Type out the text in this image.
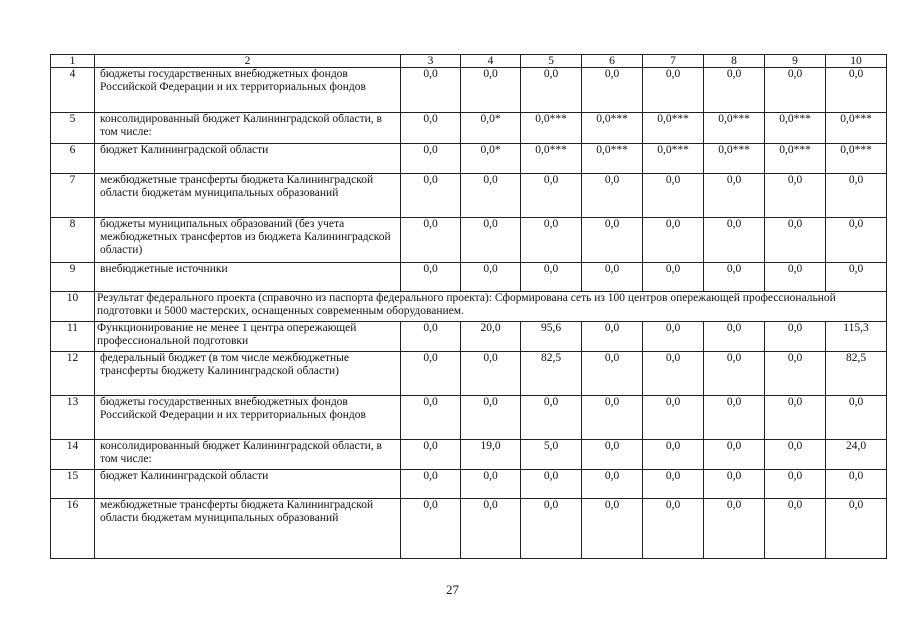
1	2	3	4	5	6	7	8	9	10
4	бюджеты государственных внебюджетных фондов Российской Федерации и их территориальных фондов	0,0	0,0	0,0	0,0	0,0	0,0	0,0	0,0
5	консолидированный бюджет Калининградской области, в том числе:	0,0	0,0*	0,0***	0,0***	0,0***	0,0***	0,0***	0,0***
6	бюджет Калининградской области	0,0	0,0*	0,0***	0,0***	0,0***	0,0***	0,0***	0,0***
7	межбюджетные трансферты бюджета Калининградской области бюджетам муниципальных образований	0,0	0,0	0,0	0,0	0,0	0,0	0,0	0,0
8	бюджеты муниципальных образований (без учета межбюджетных трансфертов из бюджета Калининградской области)	0,0	0,0	0,0	0,0	0,0	0,0	0,0	0,0
9	внебюджетные источники	0,0	0,0	0,0	0,0	0,0	0,0	0,0	0,0
10	Результат федерального проекта (справочно из паспорта федерального проекта): Сформирована сеть из 100 центров опережающей профессиональной подготовки и 5000 мастерских, оснащенных современным оборудованием.								
11	Функционирование не менее 1 центра опережающей профессиональной подготовки	0,0	20,0	95,6	0,0	0,0	0,0	0,0	115,3
12	федеральный бюджет (в том числе межбюджетные трансферты бюджету Калининградской области)	0,0	0,0	82,5	0,0	0,0	0,0	0,0	82,5
13	бюджеты государственных внебюджетных фондов Российской Федерации и их территориальных фондов	0,0	0,0	0,0	0,0	0,0	0,0	0,0	0,0
14	консолидированный бюджет Калининградской области, в том числе:	0,0	19,0	5,0	0,0	0,0	0,0	0,0	24,0
15	бюджет Калининградской области	0,0	0,0	0,0	0,0	0,0	0,0	0,0	0,0
16	межбюджетные трансферты бюджета Калининградской области бюджетам муниципальных образований	0,0	0,0	0,0	0,0	0,0	0,0	0,0	0,0
27
